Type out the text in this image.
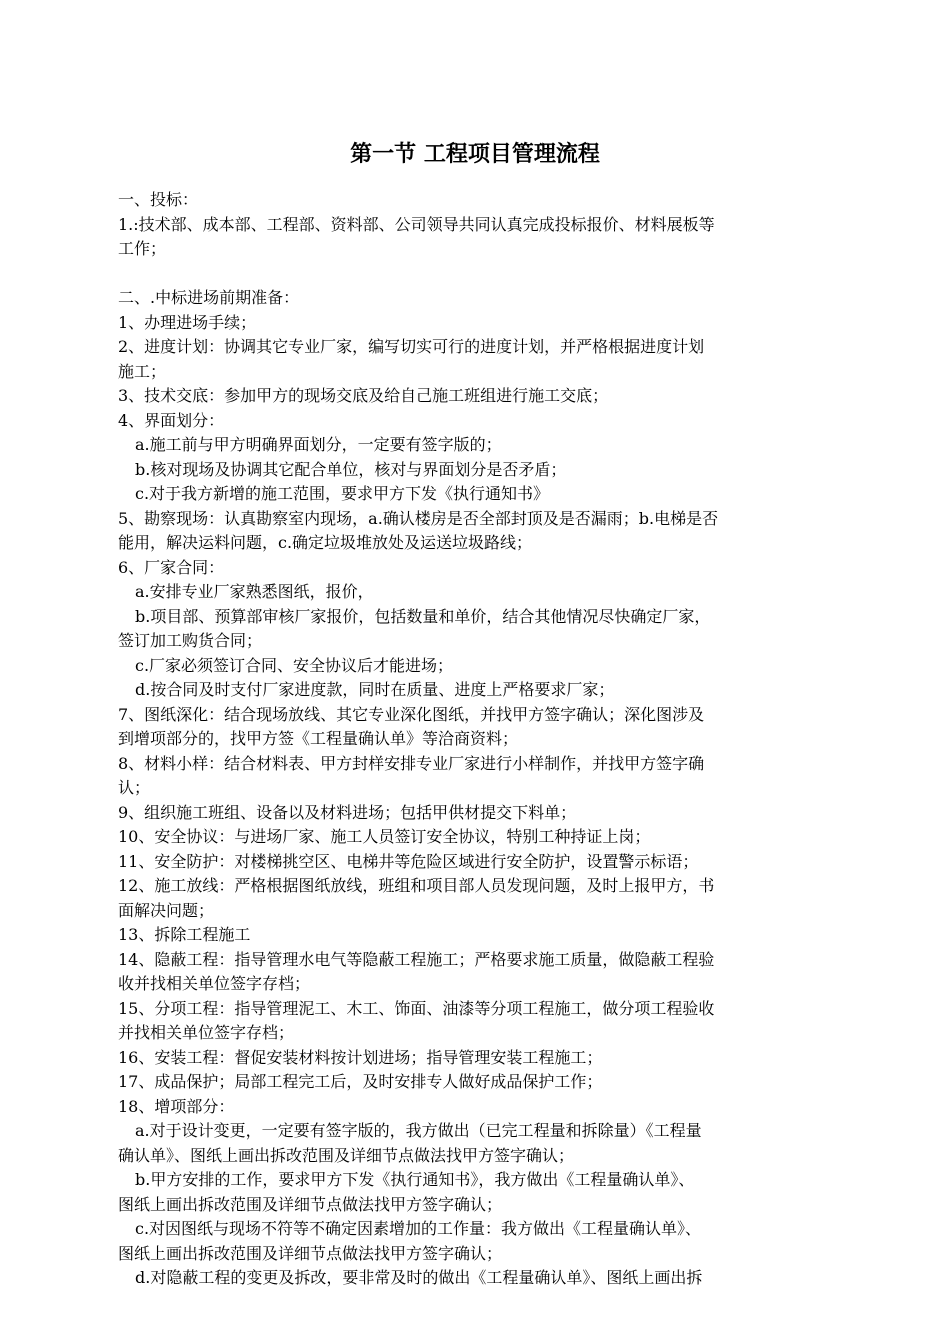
第一节 工程项目管理流程
一、投标：
1.:技术部、成本部、工程部、资料部、公司领导共同认真完成投标报价、材料展板等
工作；
二、.中标进场前期准备：
1、办理进场手续；
2、进度计划：协调其它专业厂家，编写切实可行的进度计划，并严格根据进度计划
施工；
3、技术交底：参加甲方的现场交底及给自己施工班组进行施工交底；
4、界面划分：
a.施工前与甲方明确界面划分，一定要有签字版的；
b.核对现场及协调其它配合单位，核对与界面划分是否矛盾；
c.对于我方新增的施工范围，要求甲方下发《执行通知书》
5、勘察现场：认真勘察室内现场，a.确认楼房是否全部封顶及是否漏雨；b.电梯是否
能用，解决运料问题，c.确定垃圾堆放处及运送垃圾路线；
6、厂家合同：
a.安排专业厂家熟悉图纸，报价，
b.项目部、预算部审核厂家报价，包括数量和单价，结合其他情况尽快确定厂家，
签订加工购货合同；
c.厂家必须签订合同、安全协议后才能进场；
d.按合同及时支付厂家进度款，同时在质量、进度上严格要求厂家；
7、图纸深化：结合现场放线、其它专业深化图纸，并找甲方签字确认；深化图涉及
到增项部分的，找甲方签《工程量确认单》等洽商资料；
8、材料小样：结合材料表、甲方封样安排专业厂家进行小样制作，并找甲方签字确
认；
9、组织施工班组、设备以及材料进场；包括甲供材提交下料单；
10、安全协议：与进场厂家、施工人员签订安全协议，特别工种持证上岗；
11、安全防护：对楼梯挑空区、电梯井等危险区域进行安全防护，设置警示标语；
12、施工放线：严格根据图纸放线，班组和项目部人员发现问题，及时上报甲方，书
面解决问题；
13、拆除工程施工
14、隐蔽工程：指导管理水电气等隐蔽工程施工；严格要求施工质量，做隐蔽工程验
收并找相关单位签字存档；
15、分项工程：指导管理泥工、木工、饰面、油漆等分项工程施工，做分项工程验收
并找相关单位签字存档；
16、安装工程：督促安装材料按计划进场；指导管理安装工程施工；
17、成品保护；局部工程完工后，及时安排专人做好成品保护工作；
18、增项部分：
a.对于设计变更，一定要有签字版的，我方做出（已完工程量和拆除量）《工程量
确认单》、图纸上画出拆改范围及详细节点做法找甲方签字确认；
b.甲方安排的工作，要求甲方下发《执行通知书》，我方做出《工程量确认单》、
图纸上画出拆改范围及详细节点做法找甲方签字确认；
c.对因图纸与现场不符等不确定因素增加的工作量：我方做出《工程量确认单》、
图纸上画出拆改范围及详细节点做法找甲方签字确认；
d.对隐蔽工程的变更及拆改，要非常及时的做出《工程量确认单》、图纸上画出拆
